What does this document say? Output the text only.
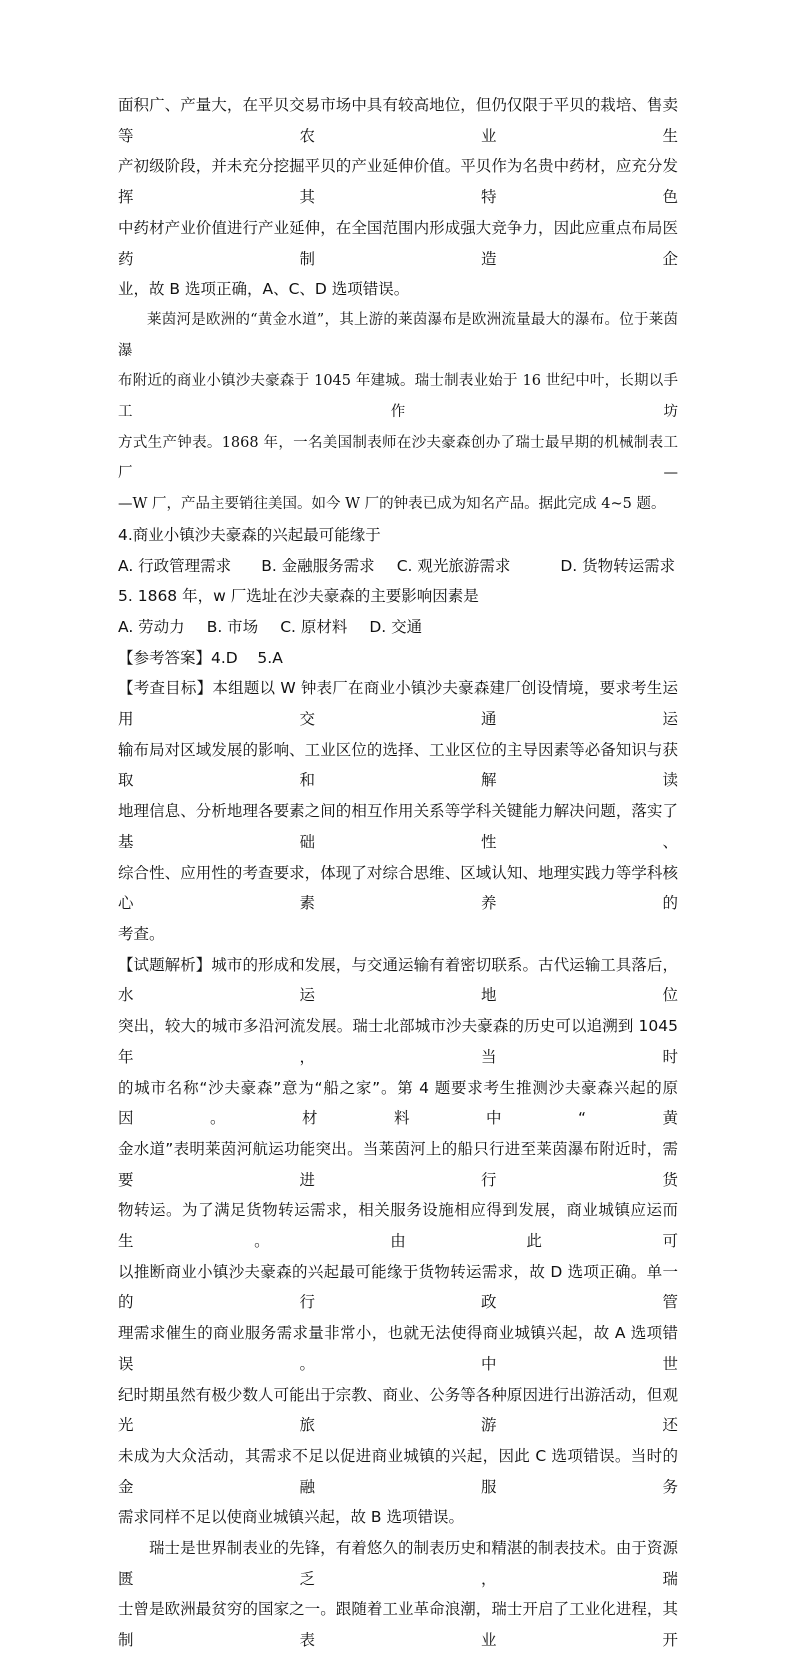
面积广、产量大，在平贝交易市场中具有较高地位，但仍仅限于平贝的栽培、售卖等农业生

产初级阶段，并未充分挖掘平贝的产业延伸价值。平贝作为名贵中药材，应充分发挥其特色

中药材产业价值进行产业延伸，在全国范围内形成强大竞争力，因此应重点布局医药制造企

业，故 B 选项正确，A、C、D 选项错误。

莱茵河是欧洲的“黄金水道”，其上游的莱茵瀑布是欧洲流量最大的瀑布。位于莱茵瀑

布附近的商业小镇沙夫豪森于 1045 年建城。瑞士制表业始于 16 世纪中叶，长期以手工作坊

方式生产钟表。1868 年，一名美国制表师在沙夫豪森创办了瑞士最早期的机械制表工厂—

—W 厂，产品主要销往美国。如今 W 厂的钟表已成为知名产品。据此完成 4~5 题。

4.商业小镇沙夫豪森的兴起最可能缘于

A. 行政管理需求 B. 金融服务需求 C. 观光旅游需求	D. 货物转运需求

5. 1868 年，w 厂选址在沙夫豪森的主要影响因素是

A. 劳动力 B. 市场 C. 原材料 D. 交通

【参考答案】4.D    5.A

【考查目标】本组题以 W 钟表厂在商业小镇沙夫豪森建厂创设情境，要求考生运用交通运

输布局对区域发展的影响、工业区位的选择、工业区位的主导因素等必备知识与获取和解读

地理信息、分析地理各要素之间的相互作用关系等学科关键能力解决问题，落实了基础性、

综合性、应用性的考查要求，体现了对综合思维、区域认知、地理实践力等学科核心素养的

考查。

【试题解析】城市的形成和发展，与交通运输有着密切联系。古代运输工具落后，水运地位

突出，较大的城市多沿河流发展。瑞士北部城市沙夫豪森的历史可以追溯到 1045 年，当时

的城市名称“沙夫豪森”意为“船之家”。第 4 题要求考生推测沙夫豪森兴起的原因。材料中“黄

金水道”表明莱茵河航运功能突出。当莱茵河上的船只行进至莱茵瀑布附近时，需要进行货

物转运。为了满足货物转运需求，相关服务设施相应得到发展，商业城镇应运而生。由此可

以推断商业小镇沙夫豪森的兴起最可能缘于货物转运需求，故 D 选项正确。单一的行政管

理需求催生的商业服务需求量非常小，也就无法使得商业城镇兴起，故 A 选项错误。中世

纪时期虽然有极少数人可能出于宗教、商业、公务等各种原因进行出游活动，但观光旅游还

未成为大众活动，其需求不足以促进商业城镇的兴起，因此 C 选项错误。当时的金融服务

需求同样不足以使商业城镇兴起，故 B 选项错误。

瑞士是世界制表业的先锋，有着悠久的制表历史和精湛的制表技术。由于资源匮乏，瑞

士曾是欧洲最贫穷的国家之一。跟随着工业革命浪潮，瑞士开启了工业化进程，其制表业开
